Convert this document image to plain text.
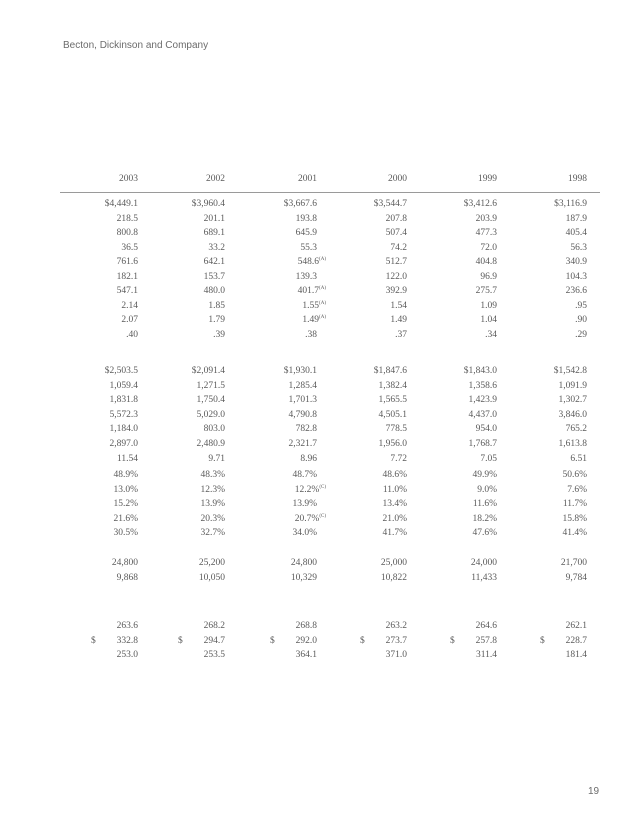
Becton, Dickinson and Company
2003	2002	2001	2000	1999	1998
$4,449.1	$3,960.4	$3,667.6	$3,544.7	$3,412.6	$3,116.9
218.5	201.1	193.8	207.8	203.9	187.9
800.8	689.1	645.9	507.4	477.3	405.4
36.5	33.2	55.3	74.2	72.0	56.3
761.6	642.1	548.6$^{(A)}$	512.7	404.8	340.9
182.1	153.7	139.3	122.0	96.9	104.3
547.1	480.0	401.7$^{(A)}$	392.9	275.7	236.6
2.14	1.85	1.55$^{(A)}$	1.54	1.09	.95
2.07	1.79	1.49$^{(A)}$	1.49	1.04	.90
.40	.39	.38	.37	.34	.29
$2,503.5	$2,091.4	$1,930.1	$1,847.6	$1,843.0	$1,542.8
1,059.4	1,271.5	1,285.4	1,382.4	1,358.6	1,091.9
1,831.8	1,750.4	1,701.3	1,565.5	1,423.9	1,302.7
5,572.3	5,029.0	4,790.8	4,505.1	4,437.0	3,846.0
1,184.0	803.0	782.8	778.5	954.0	765.2
2,897.0	2,480.9	2,321.7	1,956.0	1,768.7	1,613.8
11.54	9.71	8.96	7.72	7.05	6.51
48.9%	48.3%	48.7%	48.6%	49.9%	50.6%
13.0%	12.3%	12.2%$^{(C)}$	11.0%	9.0%	7.6%
15.2%	13.9%	13.9%	13.4%	11.6%	11.7%
21.6%	20.3%	20.7%$^{(C)}$	21.0%	18.2%	15.8%
30.5%	32.7%	34.0%	41.7%	47.6%	41.4%
24,800	25,200	24,800	25,000	24,000	21,700
9,868	10,050	10,329	10,822	11,433	9,784
263.6	268.2	268.8	263.2	264.6	262.1
$ 332.8	$ 294.7	$ 292.0	$ 273.7	$ 257.8	$ 228.7
253.0	253.5	364.1	371.0	311.4	181.4
19
